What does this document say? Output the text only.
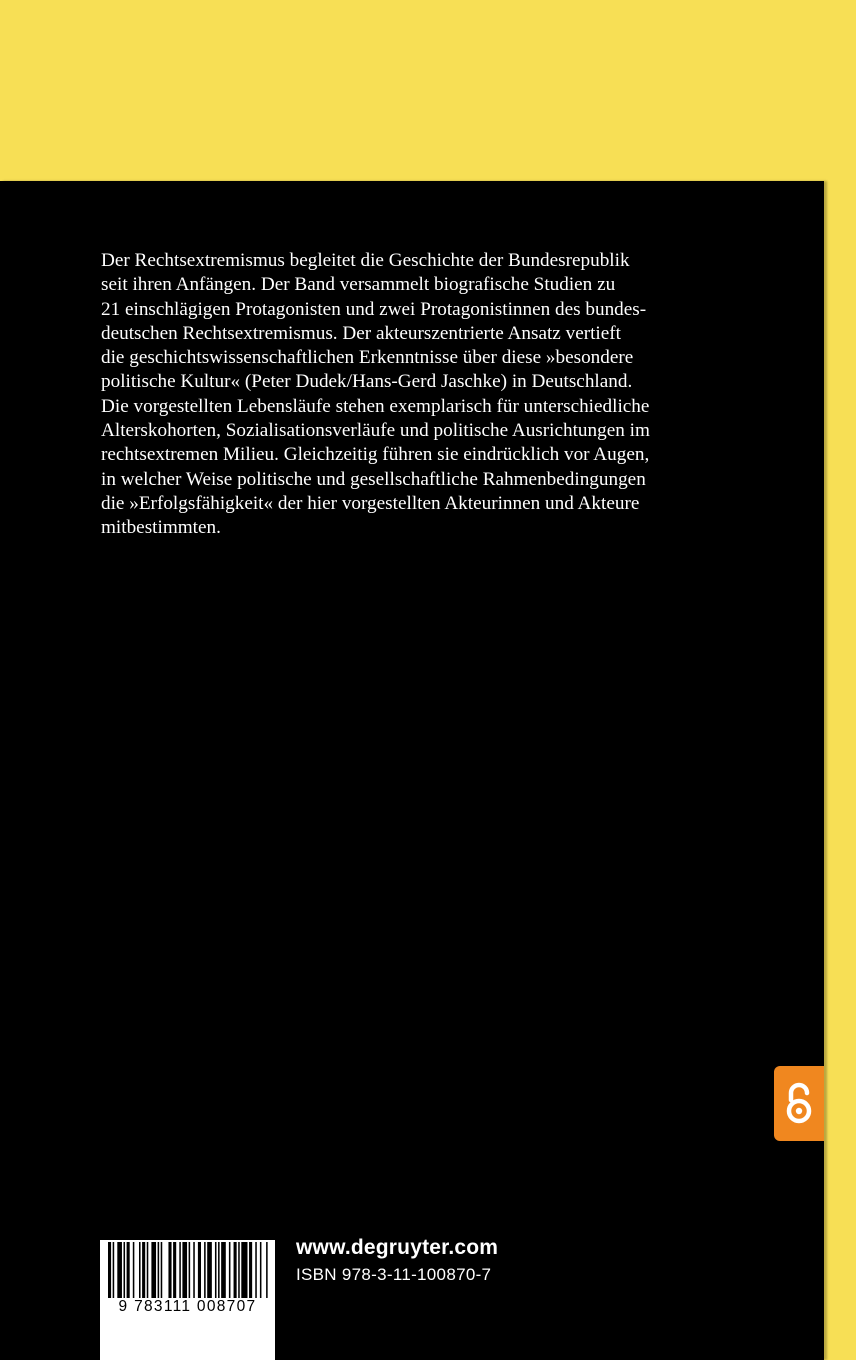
Der Rechtsextremismus begleitet die Geschichte der Bundesrepublik
seit ihren Anfängen. Der Band versammelt biografische Studien zu
21 einschlägigen Protagonisten und zwei Protagonistinnen des bundes-
deutschen Rechtsextremismus. Der akteurszentrierte Ansatz vertieft
die geschichtswissenschaftlichen Erkenntnisse über diese »besondere
politische Kultur« (Peter Dudek/Hans-Gerd Jaschke) in Deutschland.
Die vorgestellten Lebensläufe stehen exemplarisch für unterschiedliche
Alterskohorten, Sozialisationsverläufe und politische Ausrichtungen im
rechtsextremen Milieu. Gleichzeitig führen sie eindrücklich vor Augen,
in welcher Weise politische und gesellschaftliche Rahmenbedingungen
die »Erfolgsfähigkeit« der hier vorgestellten Akteurinnen und Akteure
mitbestimmten.

9 783111 008707
www.degruyter.com
ISBN 978-3-11-100870-7
